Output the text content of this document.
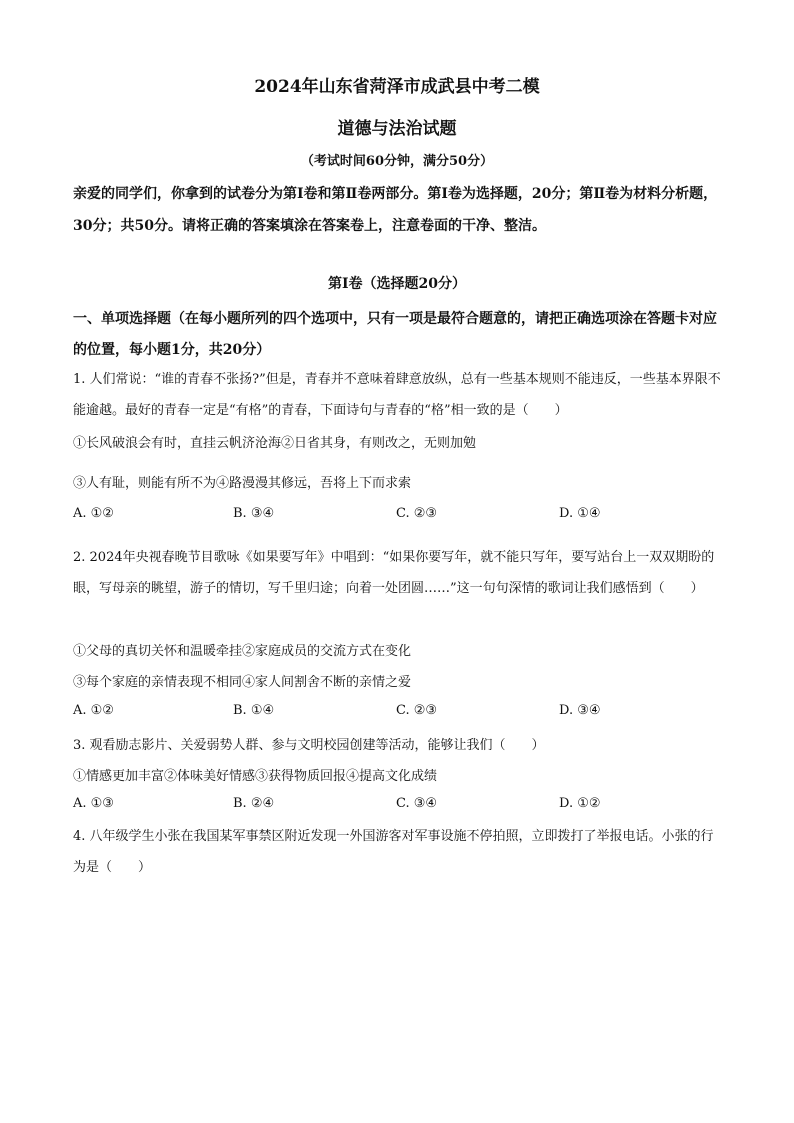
2024年山东省菏泽市成武县中考二模
道德与法治试题
（考试时间60分钟，满分50分）
亲爱的同学们，你拿到的试卷分为第Ⅰ卷和第Ⅱ卷两部分。第Ⅰ卷为选择题，20分；第Ⅱ卷为材料分析题，30分；共50分。请将正确的答案填涂在答案卷上，注意卷面的干净、整洁。
第Ⅰ卷（选择题20分）
一、单项选择题（在每小题所列的四个选项中，只有一项是最符合题意的，请把正确选项涂在答题卡对应的位置，每小题1分，共20分）
1. 人们常说：“谁的青春不张扬?”但是，青春并不意味着肆意放纵，总有一些基本规则不能违反，一些基本界限不能逾越。最好的青春一定是“有格”的青春，下面诗句与青春的“格”相一致的是（　　）
①长风破浪会有时，直挂云帆济沧海②日省其身，有则改之，无则加勉
③人有耻，则能有所不为④路漫漫其修远，吾将上下而求索
A. ①②	B. ③④	C. ②③	D. ①④
2. 2024年央视春晚节目歌咏《如果要写年》中唱到：“如果你要写年，就不能只写年，要写站台上一双双期盼的眼，写母亲的眺望，游子的情切，写千里归途；向着一处团圆……”这一句句深情的歌词让我们感悟到（　　）
①父母的真切关怀和温暖牵挂②家庭成员的交流方式在变化
③每个家庭的亲情表现不相同④家人间割舍不断的亲情之爱
A. ①②	B. ①④	C. ②③	D. ③④
3. 观看励志影片、关爱弱势人群、参与文明校园创建等活动，能够让我们（　　）
①情感更加丰富②体味美好情感③获得物质回报④提高文化成绩
A. ①③	B. ②④	C. ③④	D. ①②
4. 八年级学生小张在我国某军事禁区附近发现一外国游客对军事设施不停拍照，立即拨打了举报电话。小张的行为是（　　）
